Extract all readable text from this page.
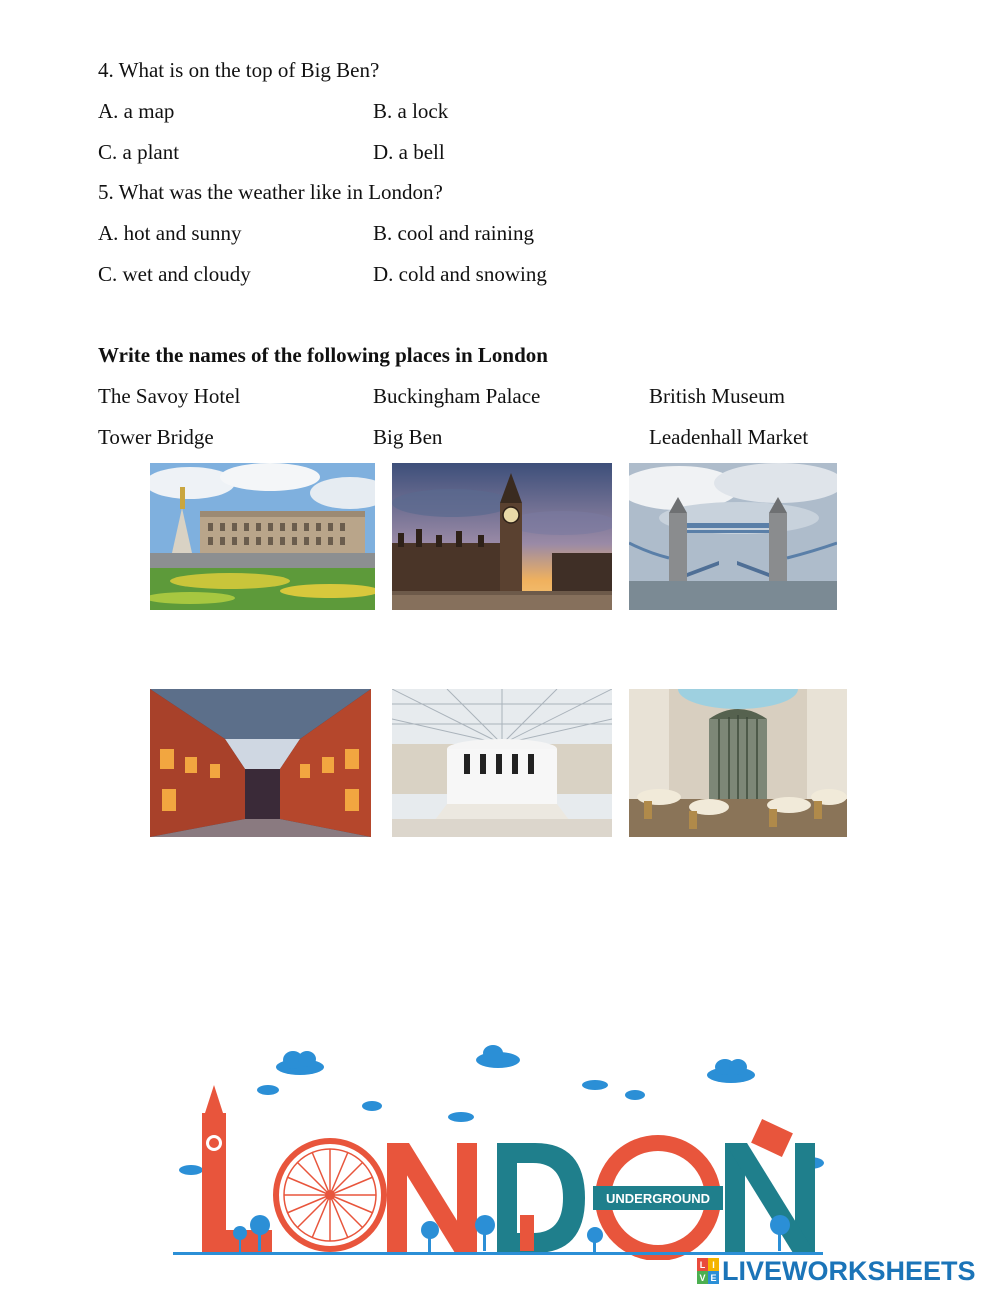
4. What is on the top of Big Ben?
A. a map	B. a lock
C. a plant	D. a bell
5. What was the weather like in London?
A. hot and sunny	B. cool and raining
C. wet and cloudy	D. cold and snowing
Write the names of the following places in London
The Savoy Hotel	Buckingham Palace	British Museum
Tower Bridge	Big Ben	Leadenhall Market
UNDERGROUND
L I
V E LIVEWORKSHEETS
